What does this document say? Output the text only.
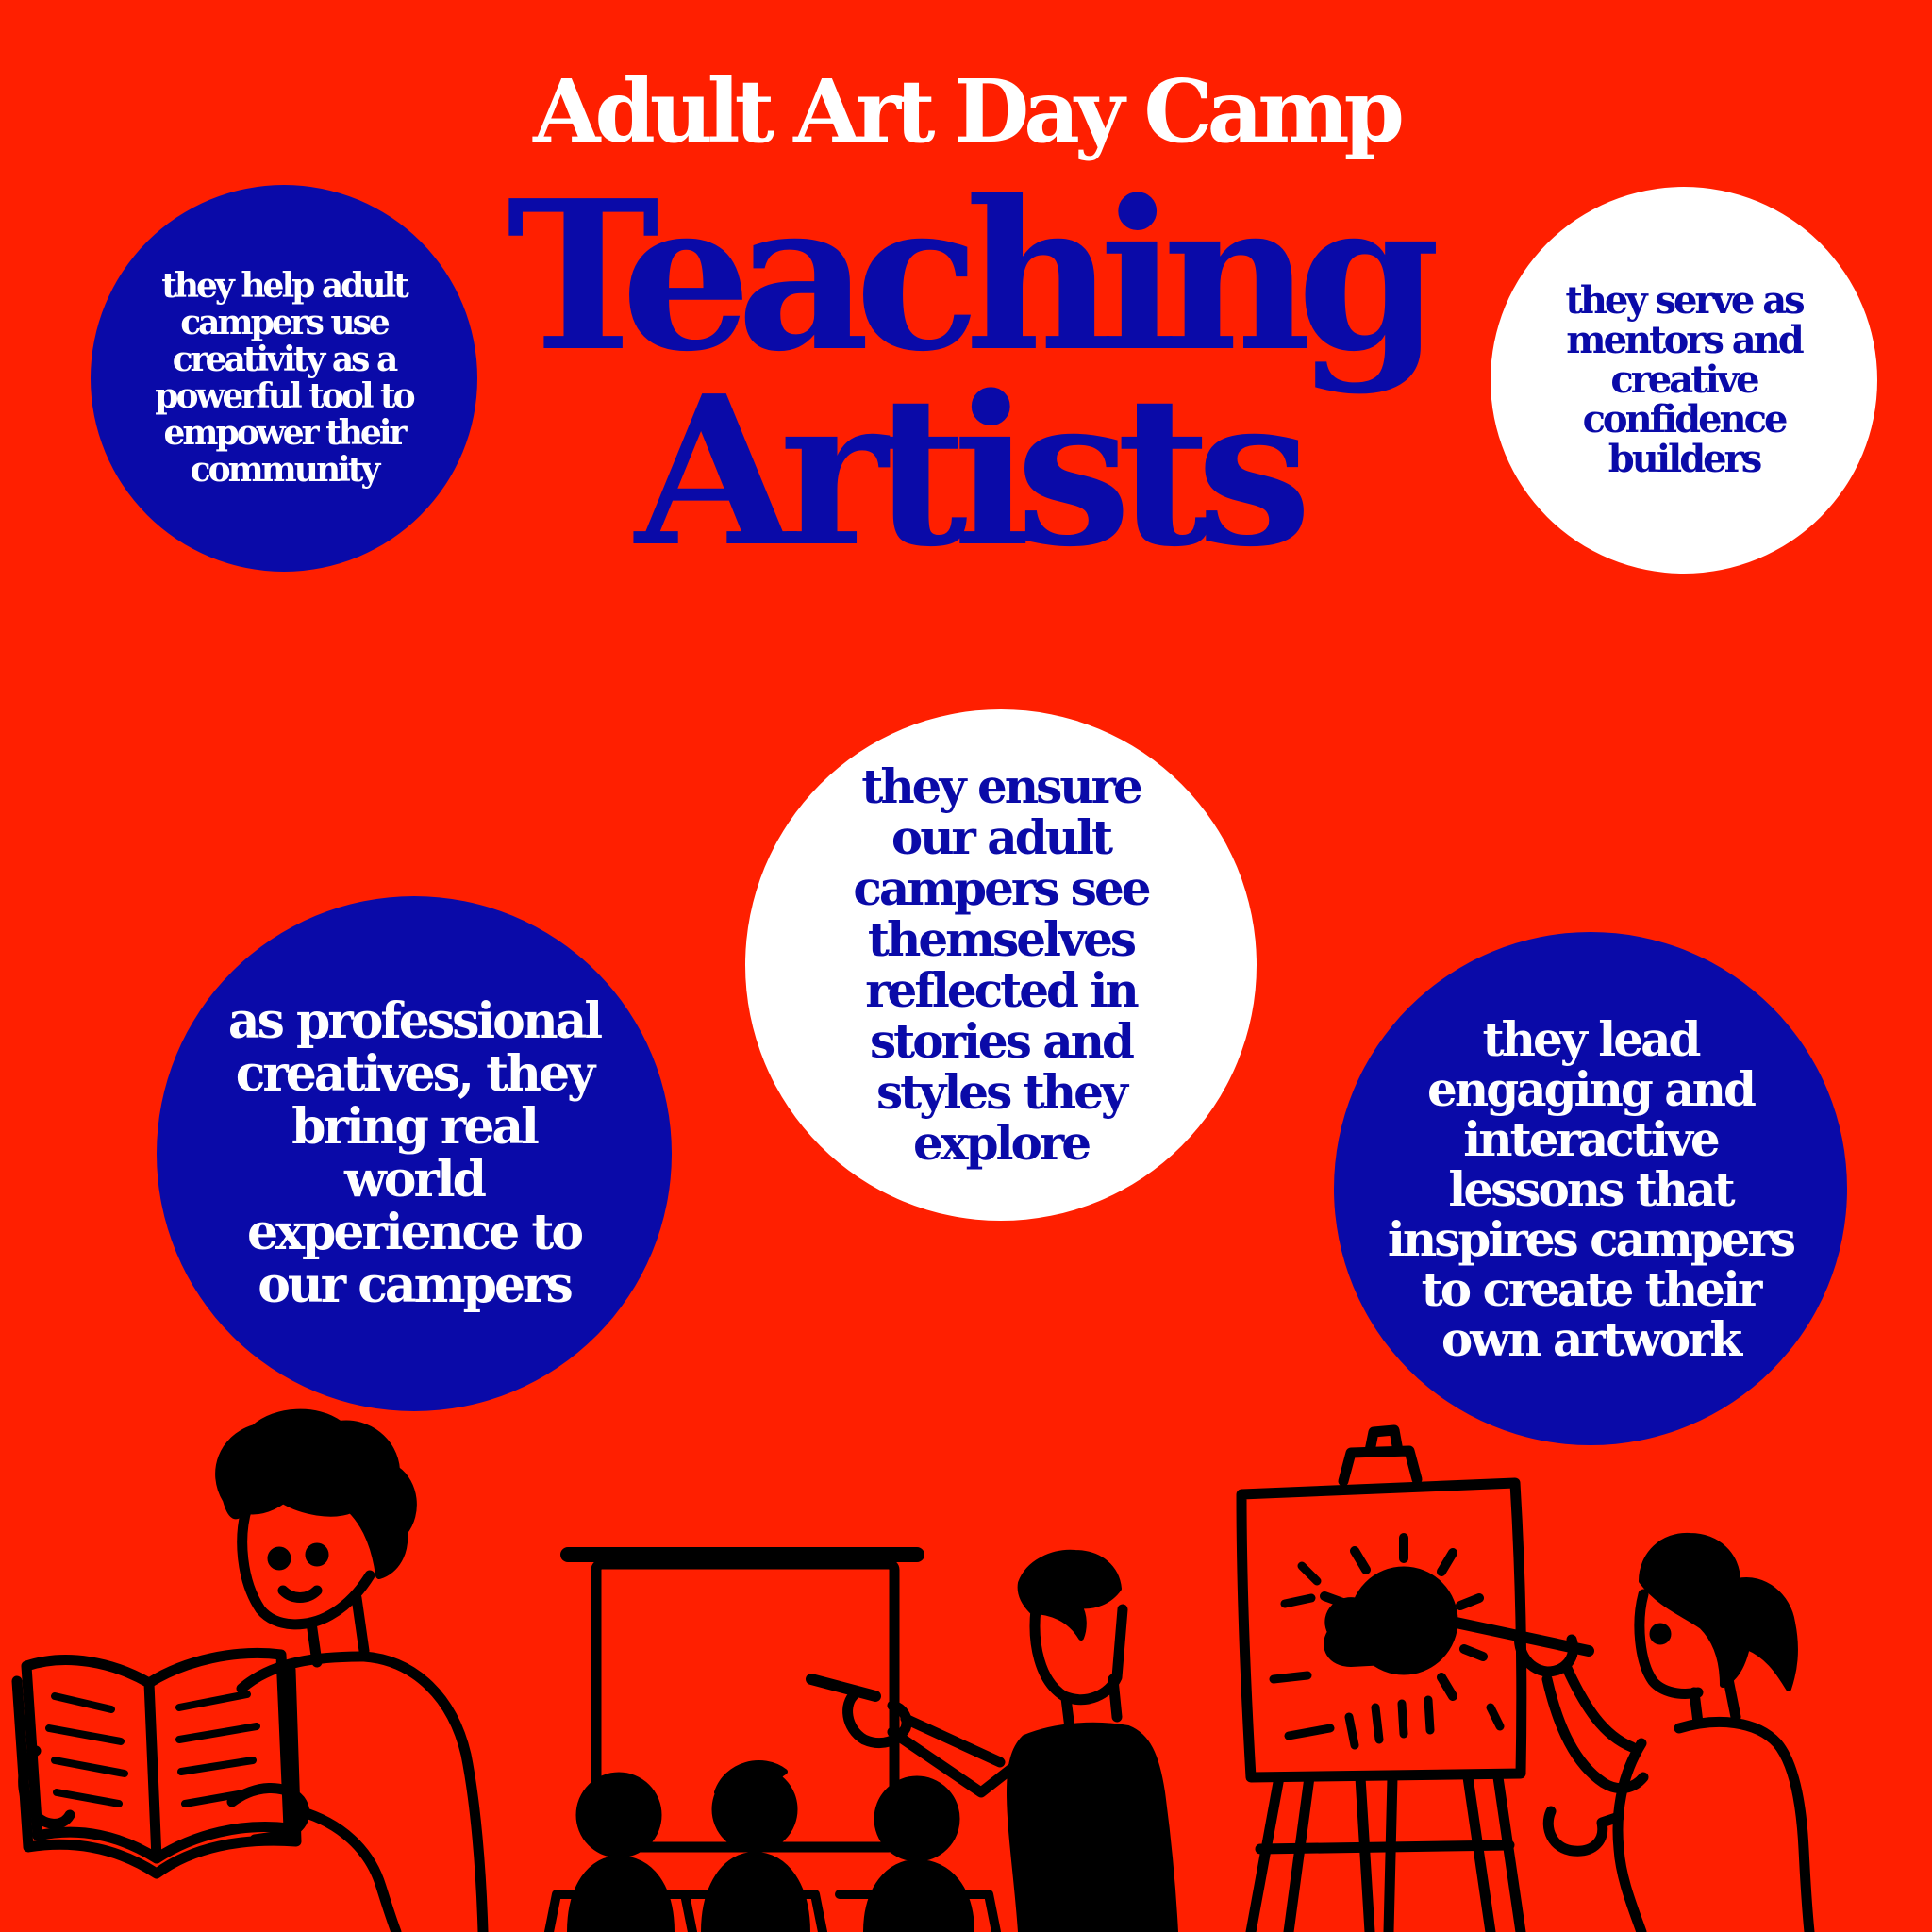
Adult Art Day Camp
Teaching
Artists
they help adult campers use creativity as a powerful tool to empower their community
they serve as mentors and creative confidence builders
they ensure our adult campers see themselves reflected in stories and styles they explore
as professional creatives, they bring real world experience to our campers
they lead engaging and interactive lessons that inspires campers to create their own artwork
